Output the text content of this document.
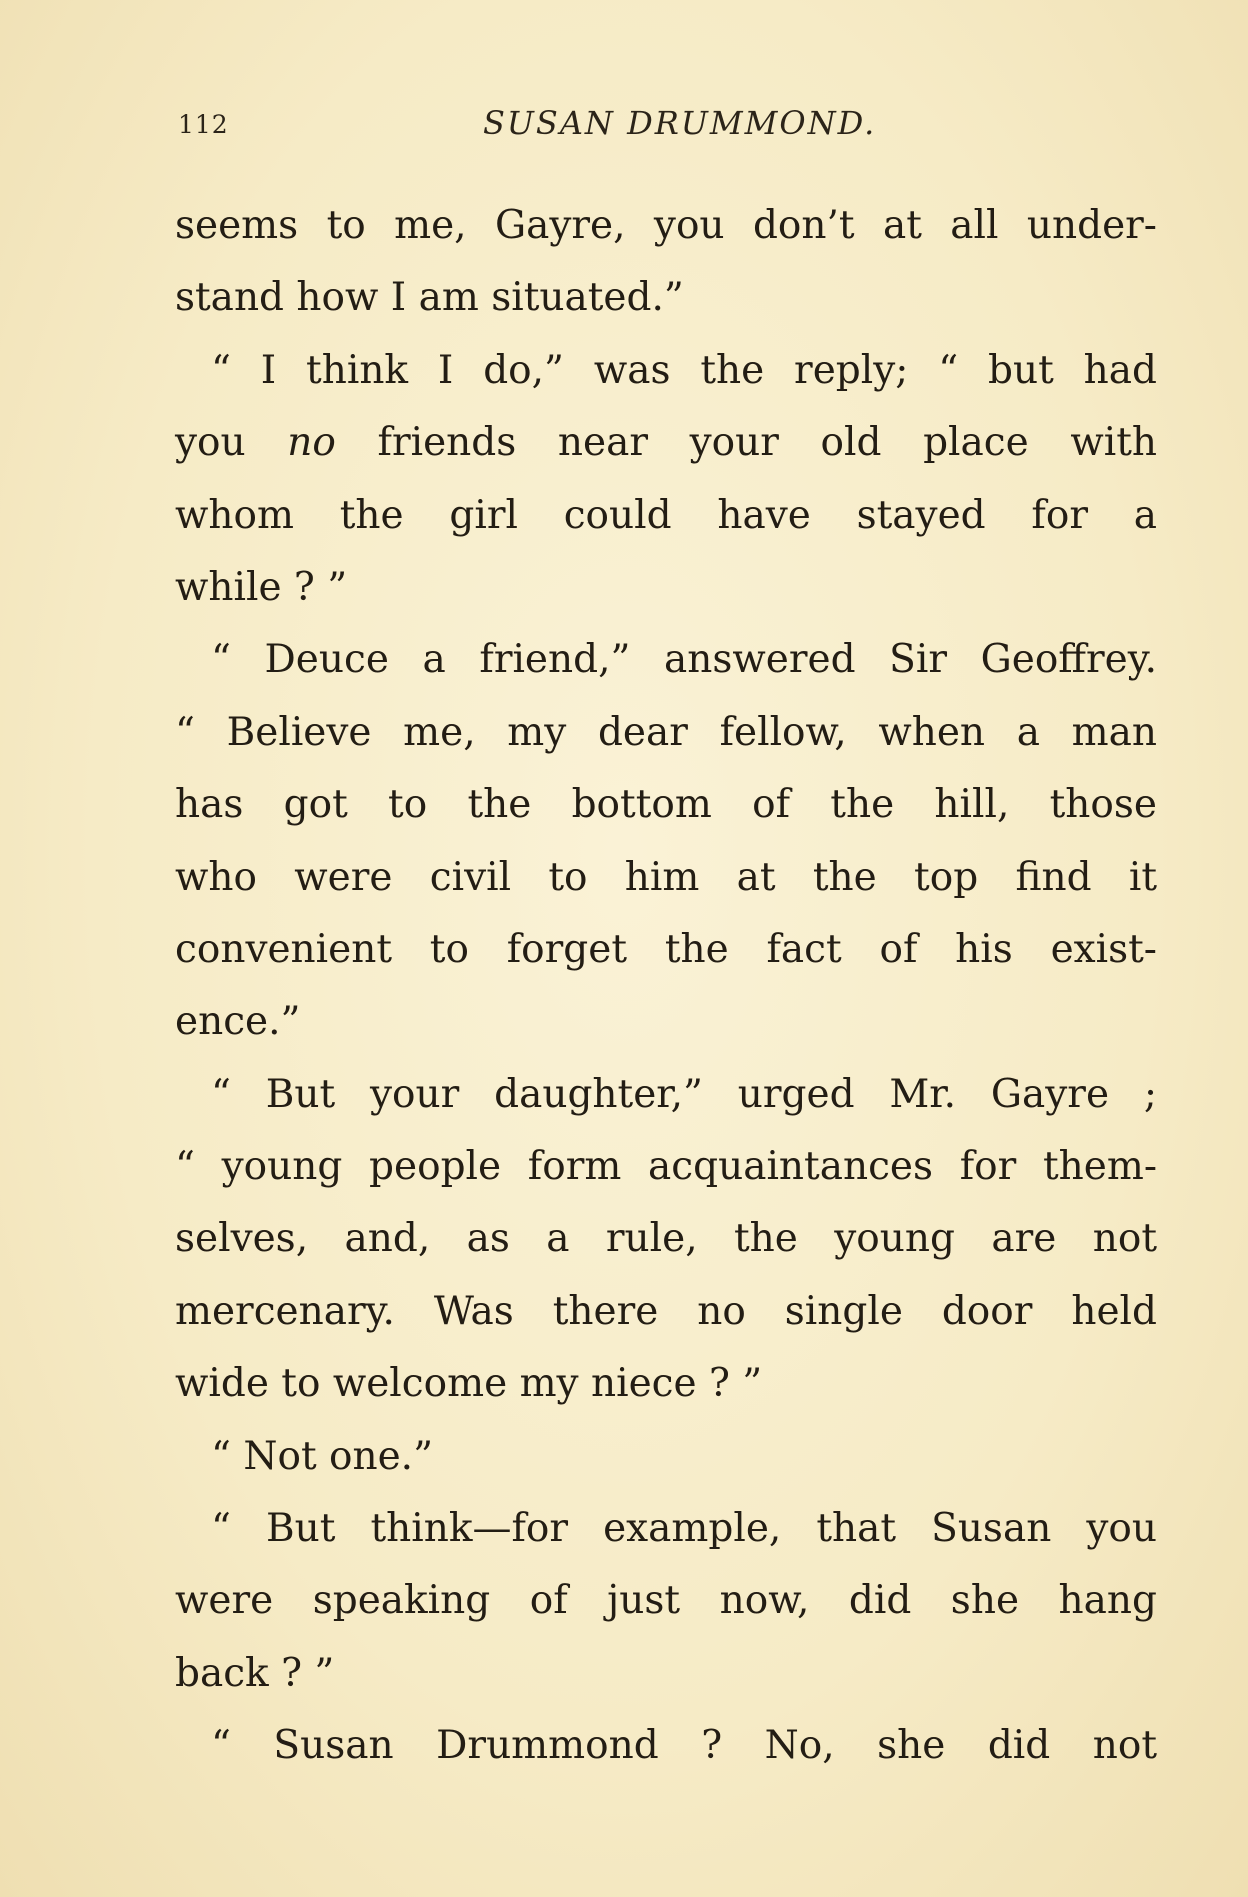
112	SUSAN DRUMMOND.
seems to me, Gayre, you don’t at all under-
stand how I am situated.”
“ I think I do,” was the reply; “ but had
you no friends near your old place with
whom the girl could have stayed for a
while ? ”
“ Deuce a friend,” answered Sir Geoffrey.
“ Believe me, my dear fellow, when a man
has got to the bottom of the hill, those
who were civil to him at the top find it
convenient to forget the fact of his exist-
ence.”
“ But your daughter,” urged Mr. Gayre ;
“ young people form acquaintances for them-
selves, and, as a rule, the young are not
mercenary. Was there no single door held
wide to welcome my niece ? ”
“ Not one.”
“ But think—for example, that Susan you
were speaking of just now, did she hang
back ? ”
“ Susan Drummond ? No, she did not
